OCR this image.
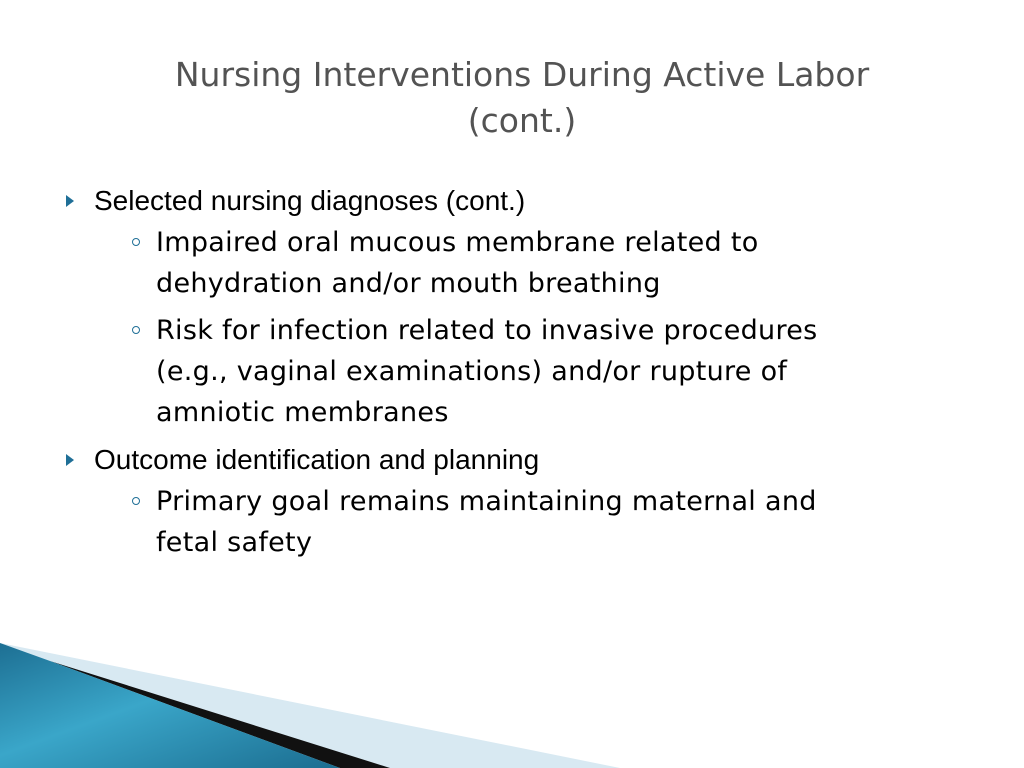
Nursing Interventions During Active Labor
(cont.)
Selected nursing diagnoses (cont.)
Impaired oral mucous membrane related to
dehydration and/or mouth breathing
Risk for infection related to invasive procedures
(e.g., vaginal examinations) and/or rupture of
amniotic membranes
Outcome identification and planning
Primary goal remains maintaining maternal and
fetal safety
